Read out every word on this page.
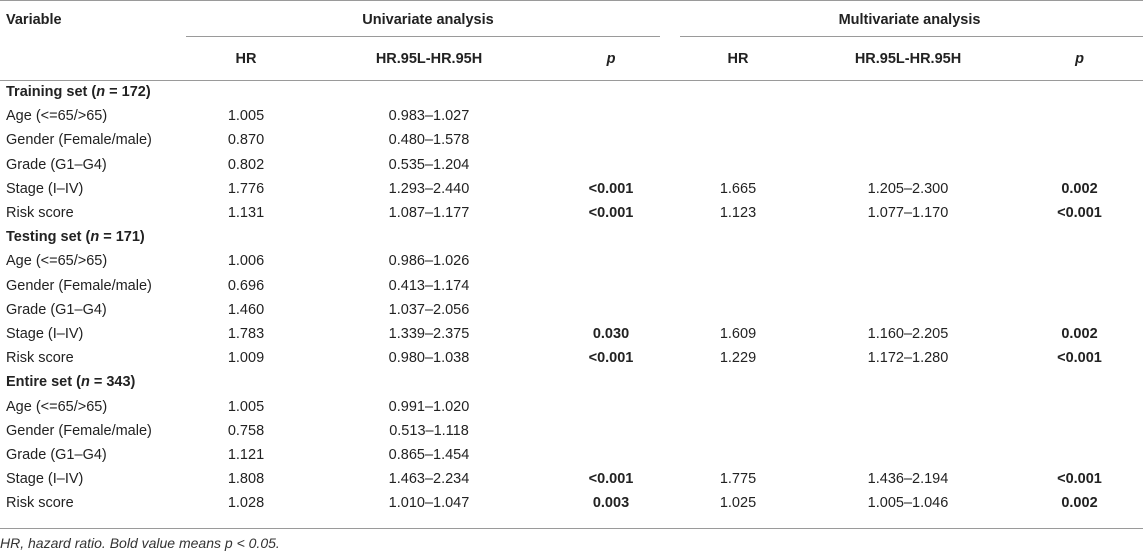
Variable	Univariate analysis			Multivariate analysis		
	HR	HR.95L-HR.95H	p	HR	HR.95L-HR.95H	p
Training set (n = 172)						
Age (<=65/>65)	1.005	0.983–1.027				
Gender (Female/male)	0.870	0.480–1.578				
Grade (G1–G4)	0.802	0.535–1.204				
Stage (I–IV)	1.776	1.293–2.440	<0.001	1.665	1.205–2.300	0.002
Risk score	1.131	1.087–1.177	<0.001	1.123	1.077–1.170	<0.001
Testing set (n = 171)						
Age (<=65/>65)	1.006	0.986–1.026				
Gender (Female/male)	0.696	0.413–1.174				
Grade (G1–G4)	1.460	1.037–2.056				
Stage (I–IV)	1.783	1.339–2.375	0.030	1.609	1.160–2.205	0.002
Risk score	1.009	0.980–1.038	<0.001	1.229	1.172–1.280	<0.001
Entire set (n = 343)						
Age (<=65/>65)	1.005	0.991–1.020				
Gender (Female/male)	0.758	0.513–1.118				
Grade (G1–G4)	1.121	0.865–1.454				
Stage (I–IV)	1.808	1.463–2.234	<0.001	1.775	1.436–2.194	<0.001
Risk score	1.028	1.010–1.047	0.003	1.025	1.005–1.046	0.002
HR, hazard ratio. Bold value means p < 0.05.
